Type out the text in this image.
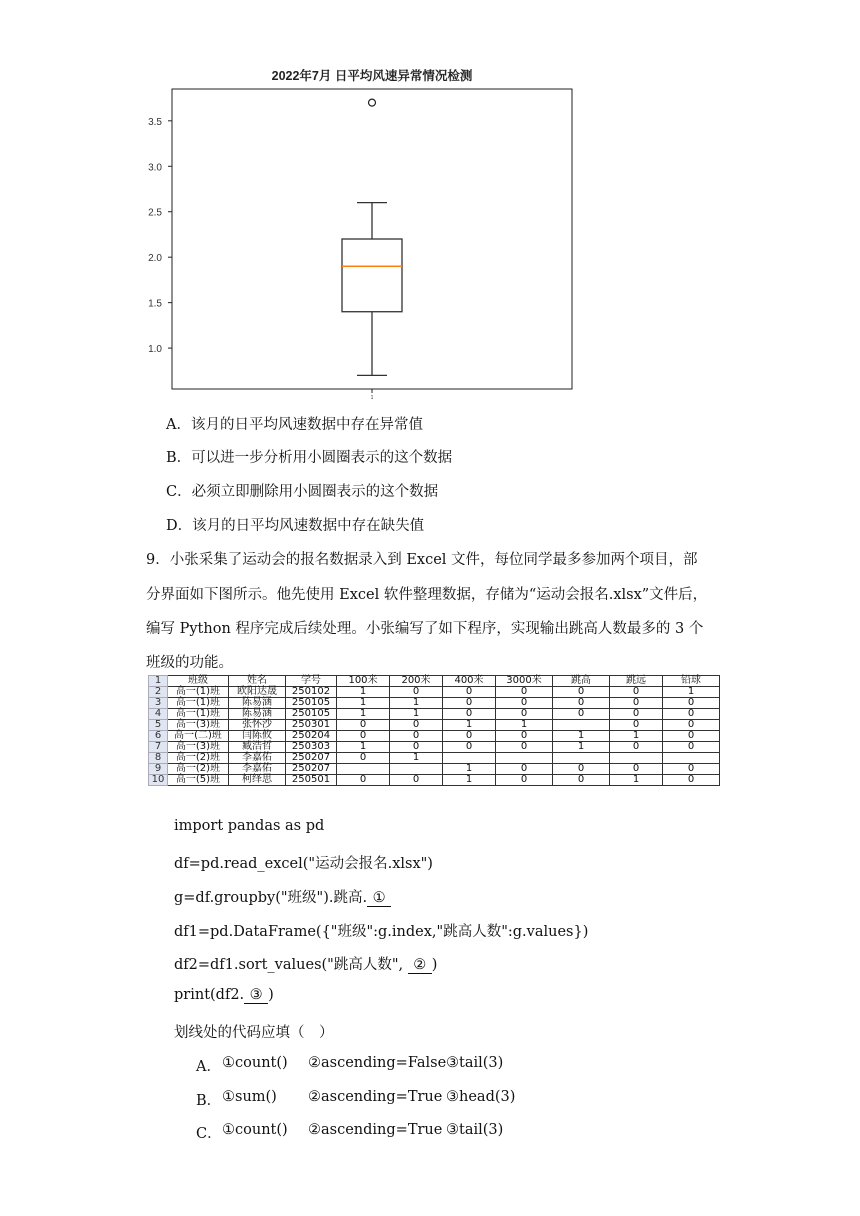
2022年7月 日平均风速异常情况检测
1.0
1.5
2.0
2.5
3.0
3.5
1
A．该月的日平均风速数据中存在异常值
B．可以进一步分析用小圆圈表示的这个数据
C．必须立即删除用小圆圈表示的这个数据
D．该月的日平均风速数据中存在缺失值
9．小张采集了运动会的报名数据录入到 Excel 文件，每位同学最多参加两个项目，部
分界面如下图所示。他先使用 Excel 软件整理数据，存储为“运动会报名.xlsx”文件后，
编写 Python 程序完成后续处理。小张编写了如下程序，实现输出跳高人数最多的 3 个
班级的功能。
1	班级	姓名	学号	100米	200米	400米	3000米	跳高	跳远	铅球
2	高一(1)班	欧阳达晟	250102	1	0	0	0	0	0	1
3	高一(1)班	陈易涵	250105	1	1	0	0	0	0	0
4	高一(1)班	陈易涵	250105	1	1	0	0	0	0	0
5	高一(3)班	张怀沙	250301	0	0	1	1		0	0
6	高一(二)班	闫陈攸	250204	0	0	0	0	1	1	0
7	高一(3)班	臧浩哲	250303	1	0	0	0	1	0	0
8	高一(2)班	李嘉佑	250207	0	1					
9	高一(2)班	李嘉佑	250207			1	0	0	0	0
10	高一(5)班	柯绎思	250501	0	0	1	0	0	1	0
import pandas as pd
df=pd.read_excel("运动会报名.xlsx")
g=df.groupby("班级").跳高. ①
df1=pd.DataFrame({"班级":g.index,"跳高人数":g.values})
df2=df1.sort_values("跳高人数", ② )
print(df2. ③ )
划线处的代码应填（　）
A． ①count() ②ascending=False ③tail(3)
B． ①sum() ②ascending=True ③head(3)
C． ①count() ②ascending=True ③tail(3)
